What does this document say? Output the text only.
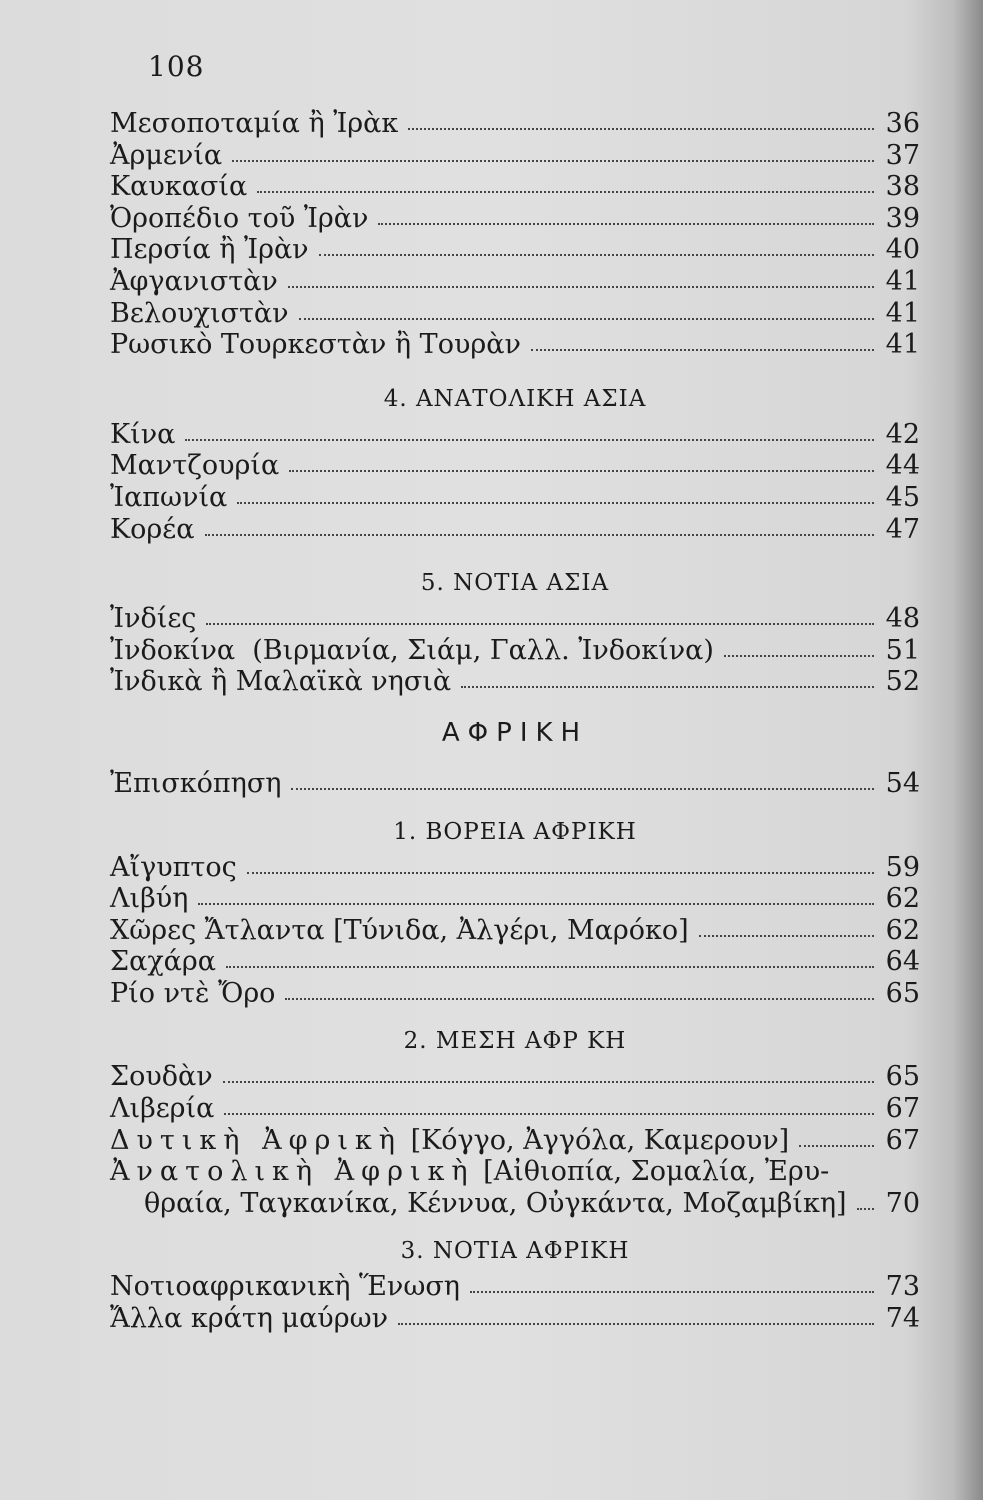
108
Μεσοποταμία ἢ Ἰρὰκ	36
Ἀρμενία	37
Καυκασία	38
Ὀροπέδιο τοῦ Ἰρὰν	39
Περσία ἢ Ἰρὰν	40
Ἀφγανιστὰν	41
Βελουχιστὰν	41
Ρωσικὸ Τουρκεστὰν ἢ Τουρὰν	41
4. ΑΝΑΤΟΛΙΚΗ ΑΣΙΑ
Κίνα	42
Μαντζουρία	44
Ἰαπωνία	45
Κορέα	47
5. ΝΟΤΙΑ ΑΣΙΑ
Ἰνδίες	48
Ἰνδοκίνα  (Βιρμανία, Σιάμ, Γαλλ. Ἰνδοκίνα)	51
Ἰνδικὰ ἢ Μαλαϊκὰ νησιὰ	52
ΑΦΡΙΚΗ
Ἐπισκόπηση	54
1. ΒΟΡΕΙΑ ΑΦΡΙΚΗ
Αἴγυπτος	59
Λιβύη	62
Χῶρες Ἄτλαντα [Τύνιδα, Ἀλγέρι, Μαρόκο]	62
Σαχάρα	64
Ρίο ντὲ Ὄρο	65
2. ΜΕΣΗ ΑΦΡ ΚΗ
Σουδὰν	65
Λιβερία	67
Δυτικὴ Ἀφρικὴ [Κόγγο, Ἀγγόλα, Καμερουν]	67
Ἀνατολικὴ Ἀφρικὴ [Αἰθιοπία, Σομαλία, Ἐρυ-
θραία, Ταγκανίκα, Κέννυα, Οὐγκάντα, Μοζαμβίκη] 70
3. ΝΟΤΙΑ ΑΦΡΙΚΗ
Νοτιοαφρικανικὴ Ἕνωση	73
Ἄλλα κράτη μαύρων	74
